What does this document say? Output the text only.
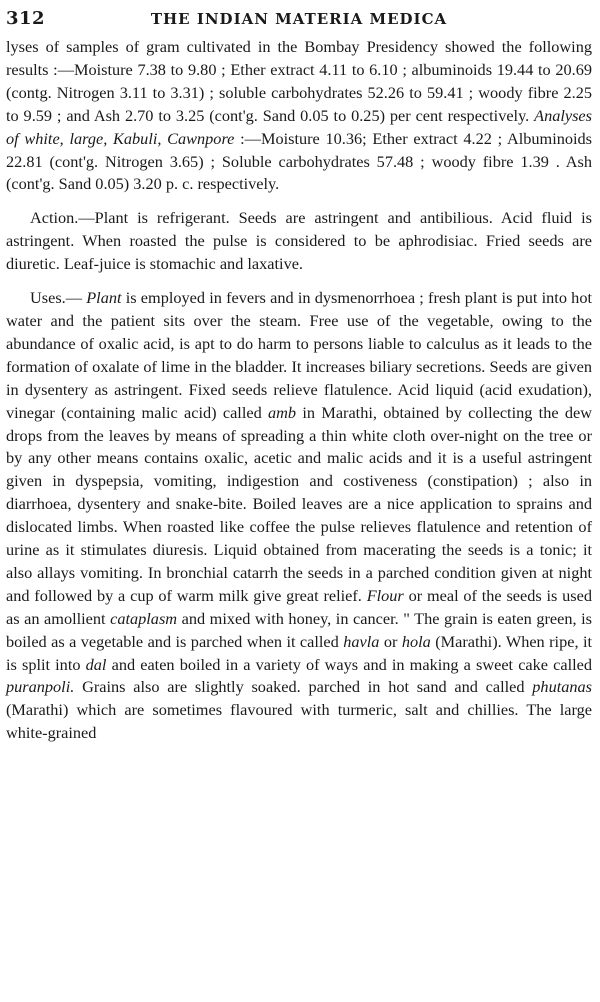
312	THE INDIAN MATERIA MEDICA

lyses of samples of gram cultivated in the Bombay Presidency showed the following results :—Moisture 7.38 to 9.80 ; Ether extract 4.11 to 6.10 ; albuminoids 19.44 to 20.69 (contg. Nitrogen 3.11 to 3.31) ; soluble carbohydrates 52.26 to 59.41 ; woody fibre 2.25 to 9.59 ; and Ash 2.70 to 3.25 (cont'g. Sand 0.05 to 0.25) per cent respectively. Analyses of white, large, Kabuli, Cawnpore :—Moisture 10.36; Ether extract 4.22 ; Albuminoids 22.81 (cont'g. Nitrogen 3.65) ; Soluble carbohydrates 57.48 ; woody fibre 1.39 . Ash (cont'g. Sand 0.05) 3.20 p. c. respectively.

Action.—Plant is refrigerant. Seeds are astringent and antibilious. Acid fluid is astringent. When roasted the pulse is considered to be aphrodisiac. Fried seeds are diuretic. Leaf-juice is stomachic and laxative.

Uses.— Plant is employed in fevers and in dysmenorrhoea ; fresh plant is put into hot water and the patient sits over the steam. Free use of the vegetable, owing to the abundance of oxalic acid, is apt to do harm to persons liable to calculus as it leads to the formation of oxalate of lime in the bladder. It increases biliary secretions. Seeds are given in dysentery as astringent. Fixed seeds relieve flatulence. Acid liquid (acid exudation), vinegar (containing malic acid) called amb in Marathi, obtained by collecting the dew drops from the leaves by means of spreading a thin white cloth over-night on the tree or by any other means contains oxalic, acetic and malic acids and it is a useful astringent given in dyspepsia, vomiting, indigestion and costiveness (constipation) ; also in diarrhoea, dysentery and snake-bite. Boiled leaves are a nice application to sprains and dislocated limbs. When roasted like coffee the pulse relieves flatulence and retention of urine as it stimulates diuresis. Liquid obtained from macerating the seeds is a tonic; it also allays vomiting. In bronchial catarrh the seeds in a parched condition given at night and followed by a cup of warm milk give great relief. Flour or meal of the seeds is used as an amollient cataplasm and mixed with honey, in cancer. " The grain is eaten green, is boiled as a vegetable and is parched when it called havla or hola (Marathi). When ripe, it is split into dal and eaten boiled in a variety of ways and in making a sweet cake called puranpoli. Grains also are slightly soaked. parched in hot sand and called phutanas (Marathi) which are sometimes flavoured with turmeric, salt and chillies. The large white-grained
